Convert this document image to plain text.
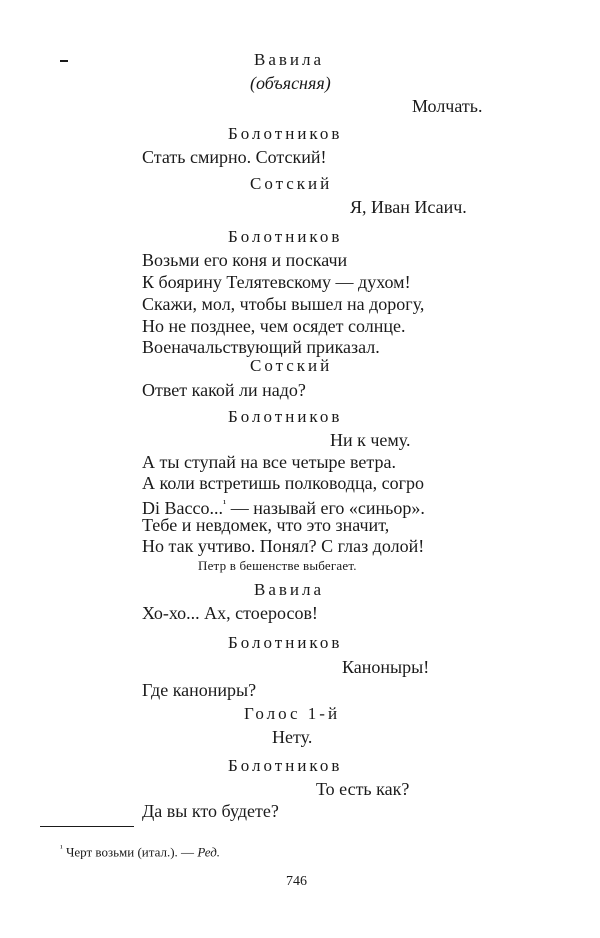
Вавила
(объясняя)
Молчать.
Болотников
Стать смирно. Сотский!
Сотский
Я, Иван Исаич.
Болотников
Возьми его коня и поскачи
К боярину Телятевскому — духом!
Скажи, мол, чтобы вышел на дорогу,
Но не позднее, чем осядет солнце.
Военачальствующий приказал.
Сотский
Ответ какой ли надо?
Болотников
Ни к чему.
А ты ступай на все четыре ветра.
А коли встретишь полководца, согро
Di Bacco...$^{^1}$ — называй его «синьор».
Тебе и невдомек, что это значит,
Но так учтиво. Понял? С глаз долой!
Петр в бешенстве выбегает.
Вавила
Хо-хо... Ах, стоеросов!
Болотников
Каноныры!
Где канониры?
Голос 1-й
Нету.
Болотников
То есть как?
Да вы кто будете?
$^{^1}$ Черт возьми (итал.). — Ред.
746
